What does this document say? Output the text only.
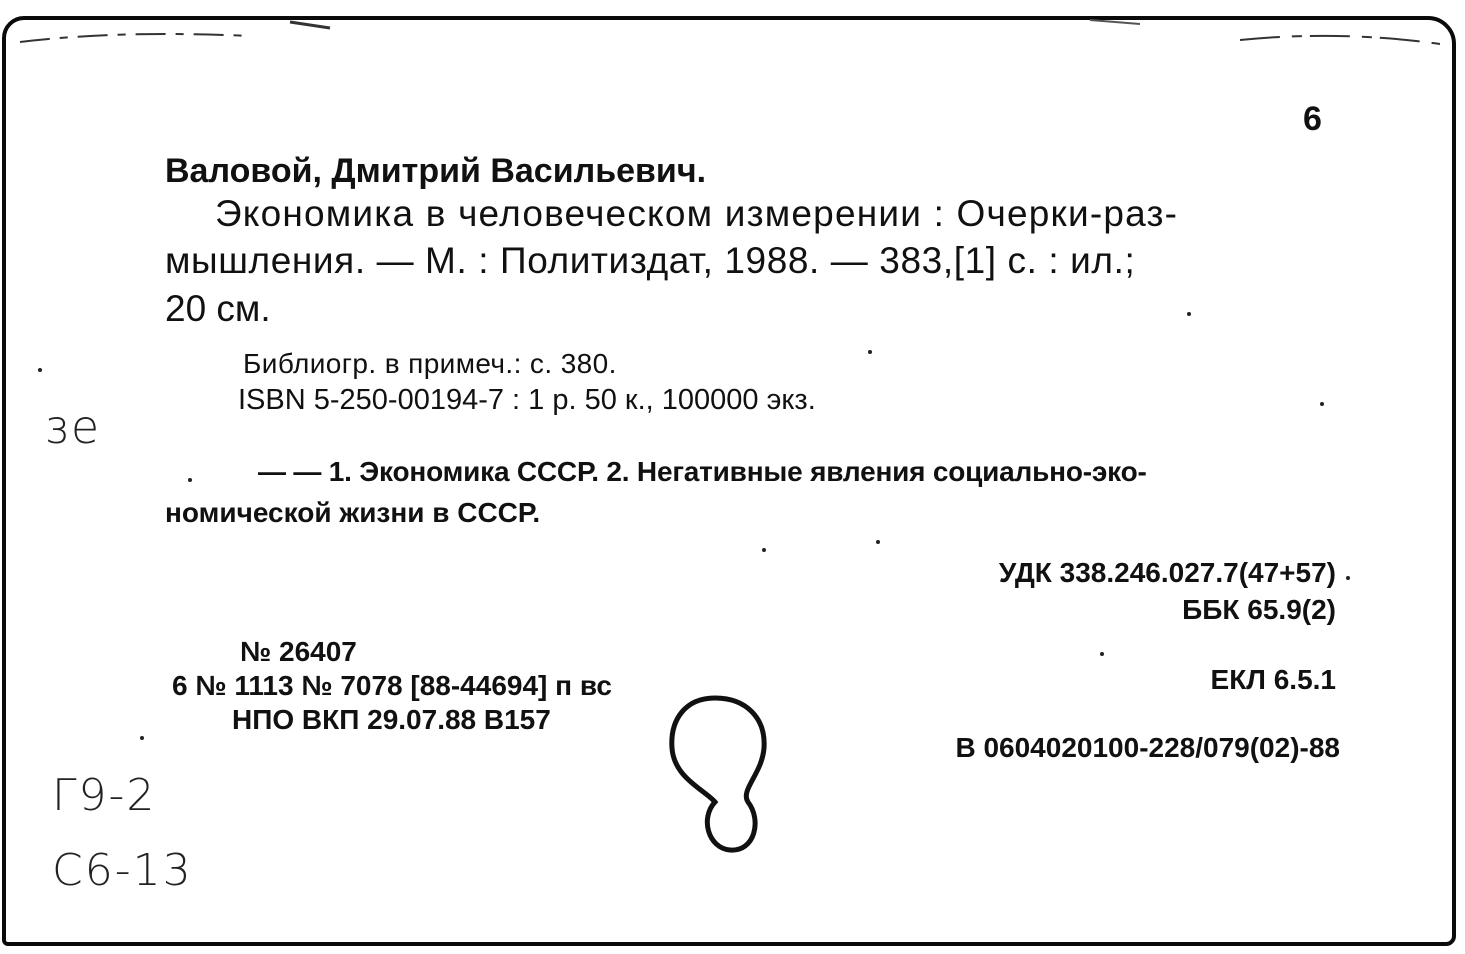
6
Валовой, Дмитрий Васильевич.
Экономика в человеческом измерении : Очерки-раз-
мышления. — М. : Политиздат, 1988. — 383,[1] с. : ил.;
20 см.
Библиогр. в примеч.: с. 380.
ISBN 5-250-00194-7 : 1 р. 50 к., 100000 экз.
— — 1. Экономика СССР. 2. Негативные явления социально-эко-
номической жизни в СССР.
УДК 338.246.027.7(47+57)
ББК 65.9(2)
№ 26407
6 № 1113 № 7078 [88-44694] п вс
НПО ВКП 29.07.88 В157
ЕКЛ 6.5.1
В 0604020100-228/079(02)-88
зе
Г9-2
С6-13
